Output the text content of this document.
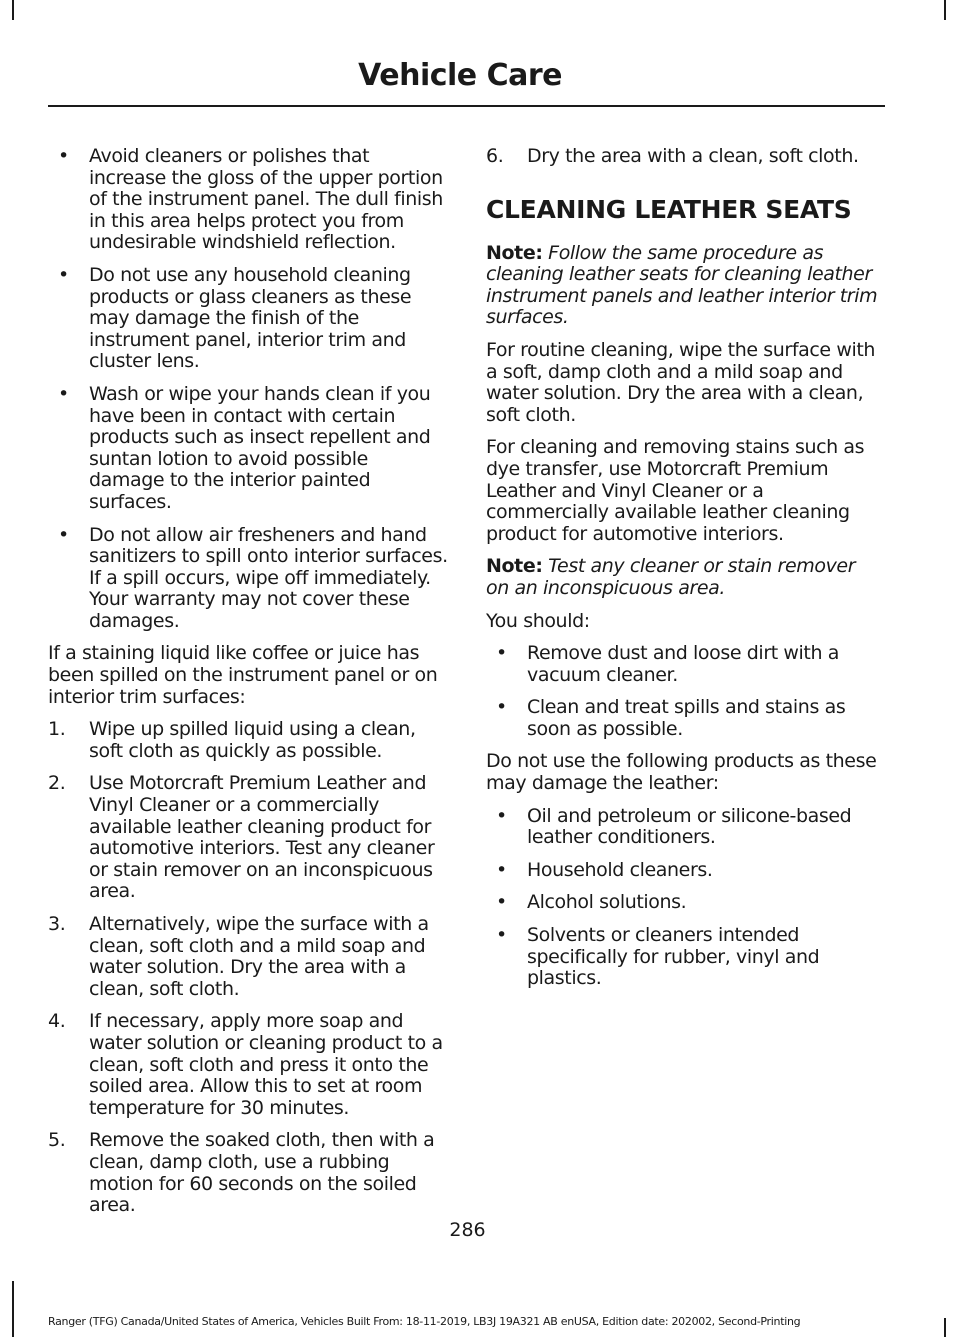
Vehicle Care
•	Avoid cleaners or polishes that increase the gloss of the upper portion of the instrument panel. The dull finish in this area helps protect you from undesirable windshield reflection.
•	Do not use any household cleaning products or glass cleaners as these may damage the finish of the instrument panel, interior trim and cluster lens.
•	Wash or wipe your hands clean if you have been in contact with certain products such as insect repellent and suntan lotion to avoid possible damage to the interior painted surfaces.
•	Do not allow air fresheners and hand sanitizers to spill onto interior surfaces. If a spill occurs, wipe off immediately. Your warranty may not cover these damages.

If a staining liquid like coffee or juice has been spilled on the instrument panel or on interior trim surfaces:

1.	Wipe up spilled liquid using a clean, soft cloth as quickly as possible.
2.	Use Motorcraft Premium Leather and Vinyl Cleaner or a commercially available leather cleaning product for automotive interiors. Test any cleaner or stain remover on an inconspicuous area.
3.	Alternatively, wipe the surface with a clean, soft cloth and a mild soap and water solution. Dry the area with a clean, soft cloth.
4.	If necessary, apply more soap and water solution or cleaning product to a clean, soft cloth and press it onto the soiled area. Allow this to set at room temperature for 30 minutes.
5.	Remove the soaked cloth, then with a clean, damp cloth, use a rubbing motion for 60 seconds on the soiled area.
6.	Dry the area with a clean, soft cloth.
CLEANING LEATHER SEATS

Note: Follow the same procedure as cleaning leather seats for cleaning leather instrument panels and leather interior trim surfaces.

For routine cleaning, wipe the surface with a soft, damp cloth and a mild soap and water solution. Dry the area with a clean, soft cloth.

For cleaning and removing stains such as dye transfer, use Motorcraft Premium Leather and Vinyl Cleaner or a commercially available leather cleaning product for automotive interiors.

Note: Test any cleaner or stain remover on an inconspicuous area.

You should:

•	Remove dust and loose dirt with a vacuum cleaner.
•	Clean and treat spills and stains as soon as possible.

Do not use the following products as these may damage the leather:

•	Oil and petroleum or silicone-based leather conditioners.
•	Household cleaners.
•	Alcohol solutions.
•	Solvents or cleaners intended specifically for rubber, vinyl and plastics.
286
Ranger (TFG) Canada/United States of America, Vehicles Built From: 18-11-2019, LB3J 19A321 AB enUSA, Edition date: 202002, Second-Printing
